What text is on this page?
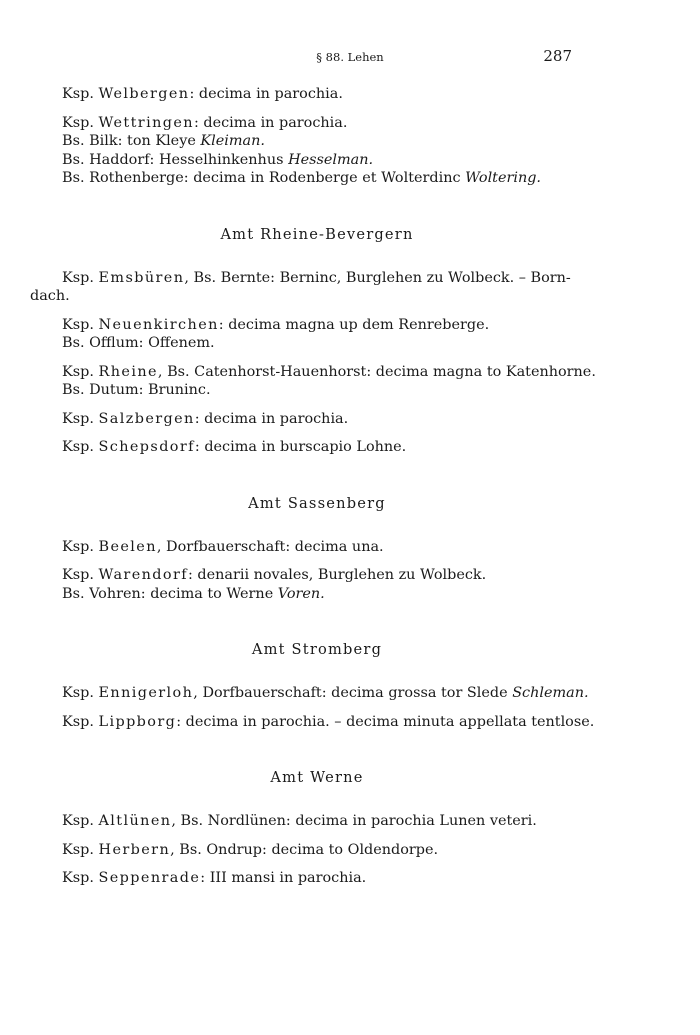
§ 88. Lehen	287
Ksp. Welbergen: decima in parochia.
Ksp. Wettringen: decima in parochia.
Bs. Bilk: ton Kleye Kleiman.
Bs. Haddorf: Hesselhinkenhus Hesselman.
Bs. Rothenberge: decima in Rodenberge et Wolterdinc Woltering.
Amt Rheine-Bevergern
Ksp. Emsbüren, Bs. Bernte: Berninc, Burglehen zu Wolbeck. – Born-
dach.
Ksp. Neuenkirchen: decima magna up dem Renreberge.
Bs. Offlum: Offenem.
Ksp. Rheine, Bs. Catenhorst-Hauenhorst: decima magna to Katenhorne.
Bs. Dutum: Bruninc.
Ksp. Salzbergen: decima in parochia.
Ksp. Schepsdorf: decima in burscapio Lohne.
Amt Sassenberg
Ksp. Beelen, Dorfbauerschaft: decima una.
Ksp. Warendorf: denarii novales, Burglehen zu Wolbeck.
Bs. Vohren: decima to Werne Voren.
Amt Stromberg
Ksp. Ennigerloh, Dorfbauerschaft: decima grossa tor Slede Schleman.
Ksp. Lippborg: decima in parochia. – decima minuta appellata tentlose.
Amt Werne
Ksp. Altlünen, Bs. Nordlünen: decima in parochia Lunen veteri.
Ksp. Herbern, Bs. Ondrup: decima to Oldendorpe.
Ksp. Seppenrade: III mansi in parochia.
